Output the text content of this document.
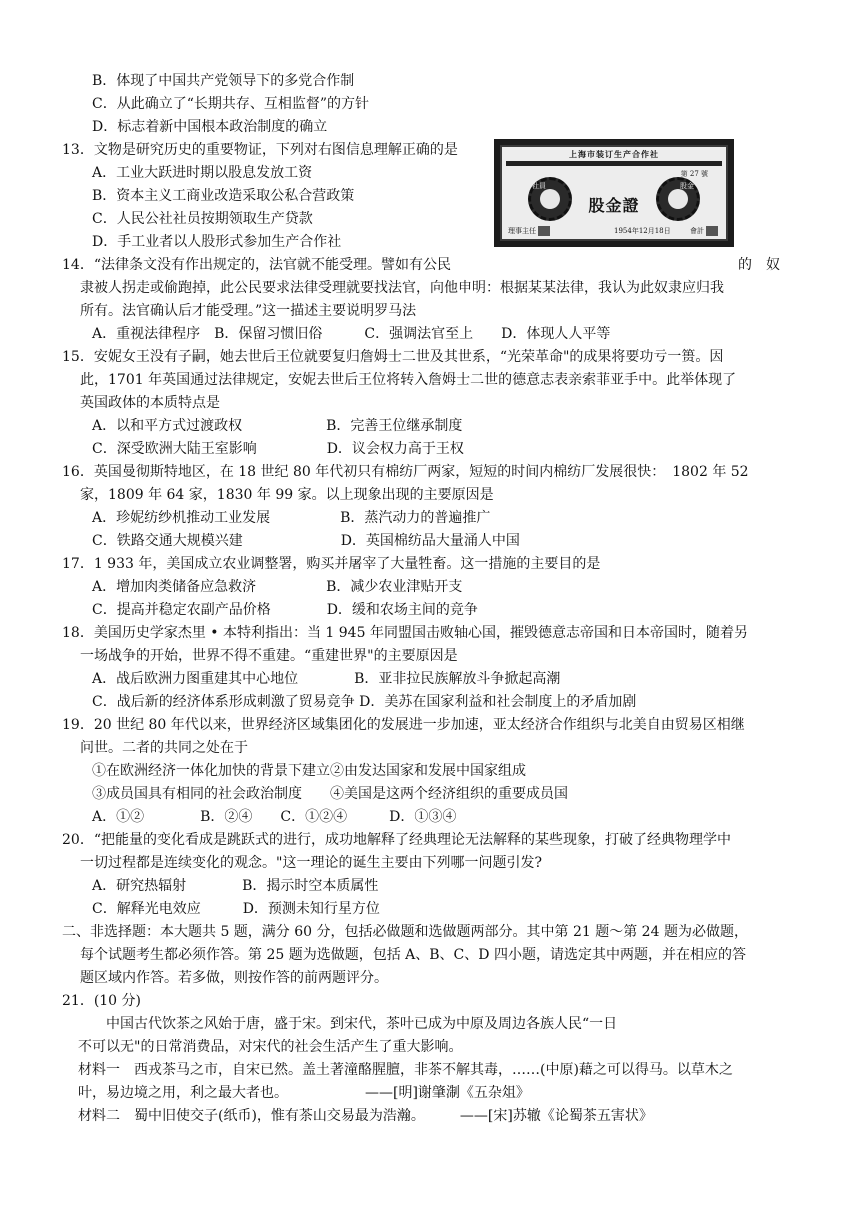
B．体现了中国共产党领导下的多党合作制
C．从此确立了“长期共存、互相监督”的方针
D．标志着新中国根本政治制度的确立
13．文物是研究历史的重要物证，下列对右图信息理解正确的是
A．工业大跃进时期以股息发放工资
B．资本主义工商业改造采取公私合营政策
C．人民公社社员按期领取生产贷款
D．手工业者以人股形式参加生产合作社
14．“法律条文没有作出规定的，法官就不能受理。譬如有公民
隶被人拐走或偷跑掉，此公民要求法律受理就要找法官，向他申明：根据某某法律，我认为此奴隶应归我
所有。法官确认后才能受理。”这一描述主要说明罗马法
A．重视法律程序　B．保留习惯旧俗　　　C．强调法官至上　　D．体现人人平等
15．安妮女王没有子嗣，她去世后王位就要复归詹姆士二世及其世系，“光荣革命"的成果将要功亏一篑。因
此，1701 年英国通过法律规定，安妮去世后王位将转入詹姆士二世的德意志表亲索菲亚手中。此举体现了
英国政体的本质特点是
A．以和平方式过渡政权　　　　　　B．完善王位继承制度
C．深受欧洲大陆王室影响　　　　　D．议会权力高于王权
16．英国曼彻斯特地区，在 18 世纪 80 年代初只有棉纺厂两家，短短的时间内棉纺厂发展很快：　1802 年 52
家，1809 年 64 家，1830 年 99 家。以上现象出现的主要原因是
A．珍妮纺纱机推动工业发展　　　　　B．蒸汽动力的普遍推广
C．铁路交通大规模兴建　　　　　　　D．英国棉纺品大量涌人中国
17．1 933 年，美国成立农业调整署，购买并屠宰了大量牲畜。这一措施的主要目的是
A．增加肉类储备应急救济　　　　　B．减少农业津贴开支
C．提高并稳定农副产品价格　　　　D．缓和农场主间的竞争
18．美国历史学家杰里 • 本特利指出：当 1 945 年同盟国击败轴心国，摧毁德意志帝国和日本帝国时，随着另
一场战争的开始，世界不得不重建。“重建世界"的主要原因是
A．战后欧洲力图重建其中心地位　　　　B．亚非拉民族解放斗争掀起高潮
C．战后新的经济体系形成刺激了贸易竞争 D．美苏在国家利益和社会制度上的矛盾加剧
19．20 世纪 80 年代以来，世界经济区域集团化的发展进一步加速，亚太经济合作组织与北美自由贸易区相继
问世。二者的共同之处在于
①在欧洲经济一体化加快的背景下建立②由发达国家和发展中国家组成
③成员国具有相同的社会政治制度　　④美国是这两个经济组织的重要成员国
A．①②　　　　B．②④　　C．①②④　　　D．①③④
20．“把能量的变化看成是跳跃式的进行，成功地解释了经典理论无法解释的某些现象，打破了经典物理学中
一切过程都是连续变化的观念。"这一理论的诞生主要由下列哪一问题引发?
A．研究热辐射　　　　B．揭示时空本质属性
C．解释光电效应　　　D．预测未知行星方位
二、非选择题：本大题共 5 题，满分 60 分，包括必做题和选做题两部分。其中第 21 题～第 24 题为必做题，
每个试题考生都必须作答。第 25 题为选做题，包括 A、B、C、D 四小题，请选定其中两题，并在相应的答
题区域内作答。若多做，则按作答的前两题评分。
21．(10 分)
　中国古代饮茶之风始于唐，盛于宋。到宋代，茶叶已成为中原及周边各族人民“一日
不可以无"的日常消费品，对宋代的社会生活产生了重大影响。
材料一　西戎茶马之市，自宋已然。盖土著潼酪腥膻，非茶不解其毒，……(中原)藉之可以得马。以草木之
叶，易边境之用，利之最大者也。　　　　　　——[明]谢肇淛《五杂俎》
材料二　蜀中旧使交子(纸币)，惟有茶山交易最为浩瀚。　　　——[宋]苏辙《论蜀茶五害状》
的　奴
上海市装订生产合作社
第 27 號
股金證
理事主任	1954年12月18日	會計
社員	股金
